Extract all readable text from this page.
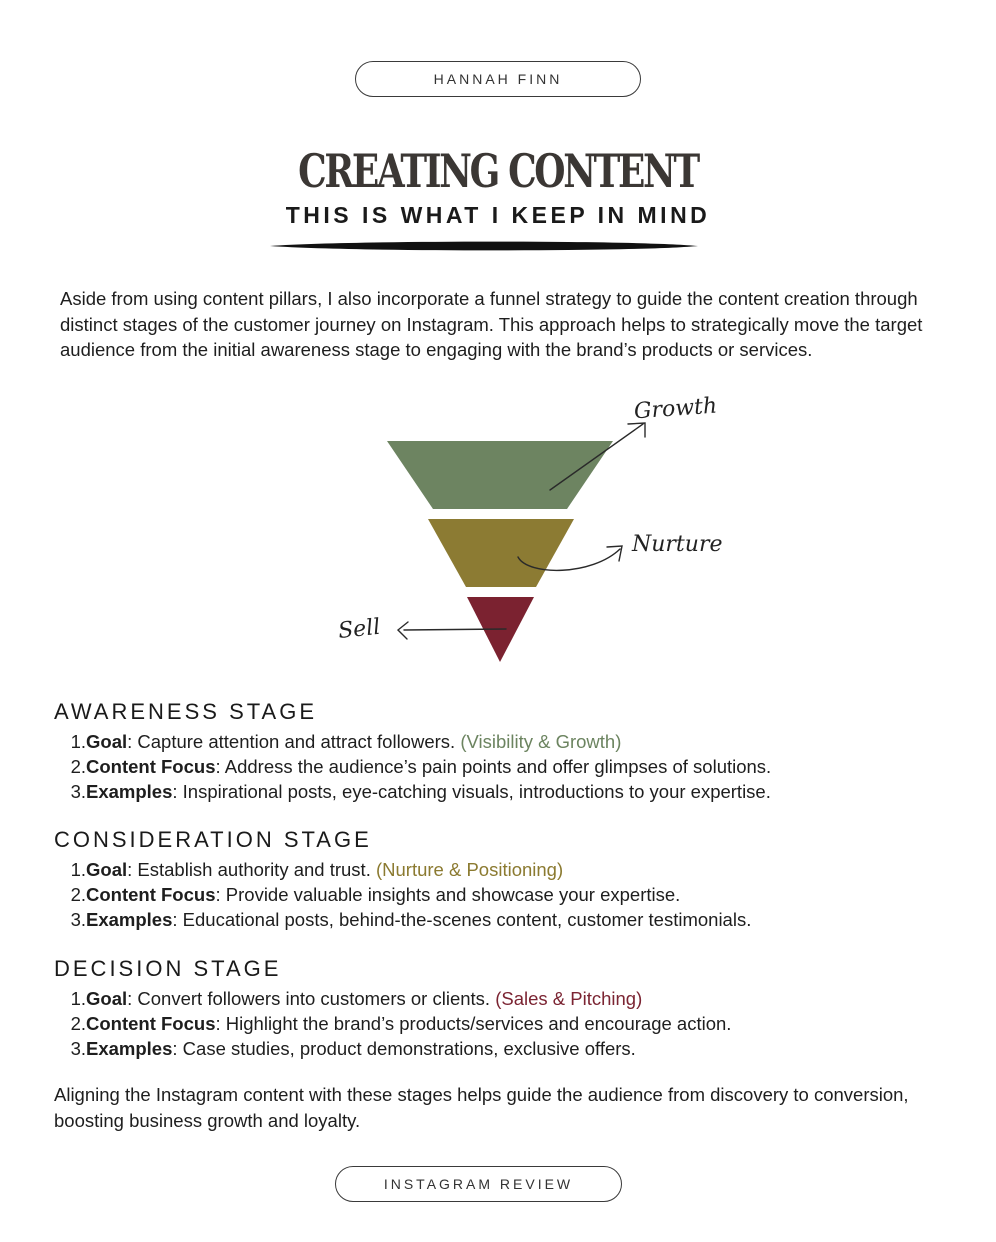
HANNAH FINN
CREATING CONTENT
THIS IS WHAT I KEEP IN MIND

Aside from using content pillars, I also incorporate a funnel strategy to guide the content creation through distinct stages of the customer journey on Instagram. This approach helps to strategically move the target audience from the initial awareness stage to engaging with the brand’s products or services.

Growth
Nurture
Sell
AWARENESS STAGE
1.Goal: Capture attention and attract followers. (Visibility & Growth)
2.Content Focus: Address the audience’s pain points and offer glimpses of solutions.
3.Examples: Inspirational posts, eye-catching visuals, introductions to your expertise.
CONSIDERATION STAGE
1.Goal: Establish authority and trust. (Nurture & Positioning)
2.Content Focus: Provide valuable insights and showcase your expertise.
3.Examples: Educational posts, behind-the-scenes content, customer testimonials.
DECISION STAGE
1.Goal: Convert followers into customers or clients. (Sales & Pitching)
2.Content Focus: Highlight the brand’s products/services and encourage action.
3.Examples: Case studies, product demonstrations, exclusive offers.

Aligning the Instagram content with these stages helps guide the audience from discovery to conversion, boosting business growth and loyalty.

INSTAGRAM REVIEW
